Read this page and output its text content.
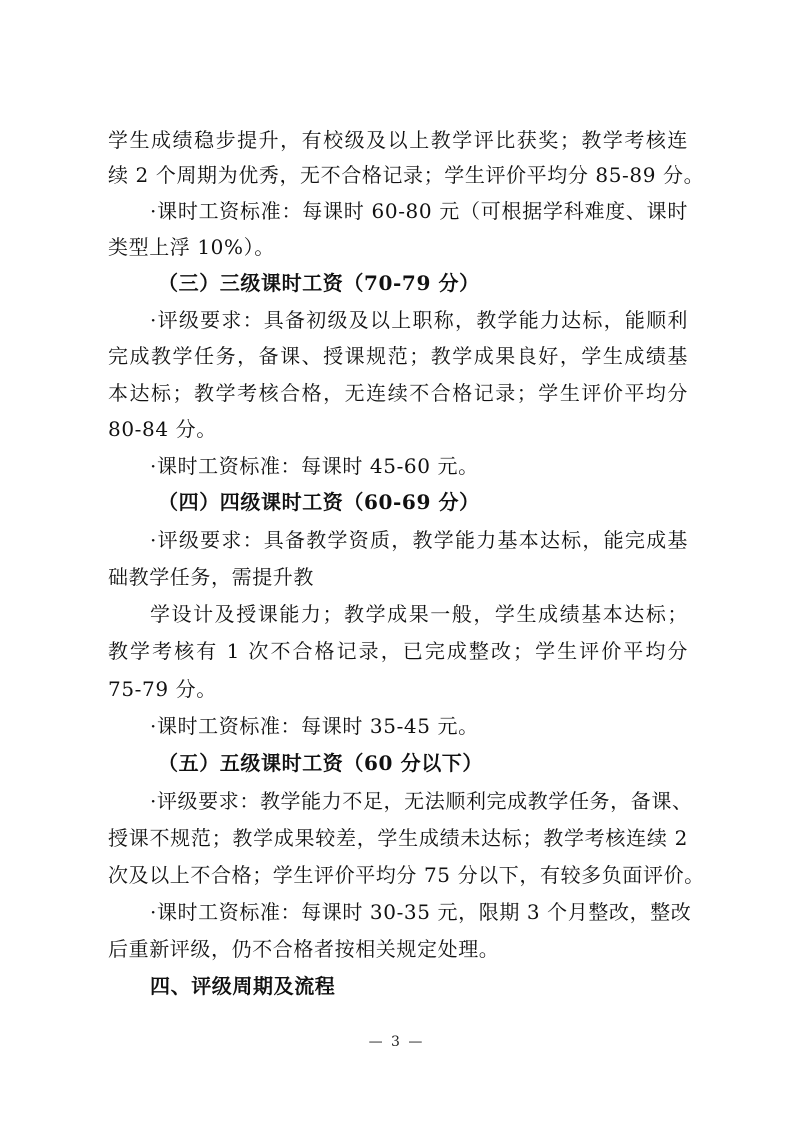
学生成绩稳步提升，有校级及以上教学评比获奖；教学考核连
续 2 个周期为优秀，无不合格记录；学生评价平均分 85-89 分。
·课时工资标准：每课时 60-80 元（可根据学科难度、课时
类型上浮 10%）。
（三）三级课时工资（70-79 分）
·评级要求：具备初级及以上职称，教学能力达标，能顺利
完成教学任务，备课、授课规范；教学成果良好，学生成绩基
本达标；教学考核合格，无连续不合格记录；学生评价平均分
80-84 分。
·课时工资标准：每课时 45-60 元。
（四）四级课时工资（60-69 分）
·评级要求：具备教学资质，教学能力基本达标，能完成基
础教学任务，需提升教
学设计及授课能力；教学成果一般，学生成绩基本达标；
教学考核有 1 次不合格记录，已完成整改；学生评价平均分
75-79 分。
·课时工资标准：每课时 35-45 元。
（五）五级课时工资（60 分以下）
·评级要求：教学能力不足，无法顺利完成教学任务，备课、
授课不规范；教学成果较差，学生成绩未达标；教学考核连续 2
次及以上不合格；学生评价平均分 75 分以下，有较多负面评价。
·课时工资标准：每课时 30-35 元，限期 3 个月整改，整改
后重新评级，仍不合格者按相关规定处理。
四、评级周期及流程
— 3 —
